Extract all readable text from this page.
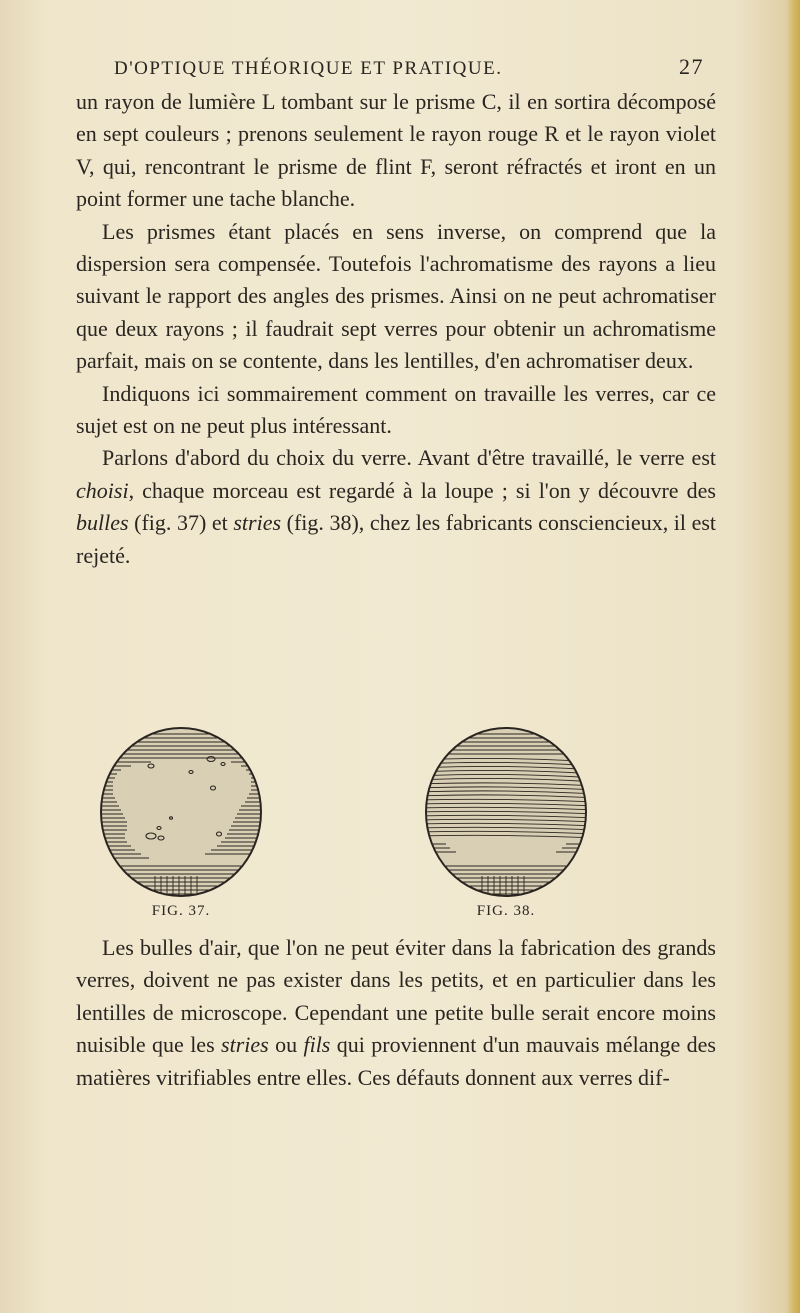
D'OPTIQUE THÉORIQUE ET PRATIQUE.	27

un rayon de lumière L tombant sur le prisme C, il en sortira décomposé en sept couleurs ; prenons seulement le rayon rouge R et le rayon violet V, qui, rencontrant le prisme de flint F, seront réfractés et iront en un point former une tache blanche.

Les prismes étant placés en sens inverse, on comprend que la dispersion sera compensée. Toutefois l'achromatisme des rayons a lieu suivant le rapport des angles des prismes. Ainsi on ne peut achromatiser que deux rayons ; il faudrait sept verres pour obtenir un achromatisme parfait, mais on se contente, dans les lentilles, d'en achromatiser deux.

Indiquons ici sommairement comment on travaille les verres, car ce sujet est on ne peut plus intéressant.

Parlons d'abord du choix du verre. Avant d'être travaillé, le verre est choisi, chaque morceau est regardé à la loupe ; si l'on y découvre des bulles (fig. 37) et stries (fig. 38), chez les fabricants consciencieux, il est rejeté.

FIG. 37.	FIG. 38.

Les bulles d'air, que l'on ne peut éviter dans la fabrication des grands verres, doivent ne pas exister dans les petits, et en particulier dans les lentilles de microscope. Cependant une petite bulle serait encore moins nuisible que les stries ou fils qui proviennent d'un mauvais mélange des matières vitrifiables entre elles. Ces défauts donnent aux verres dif-
